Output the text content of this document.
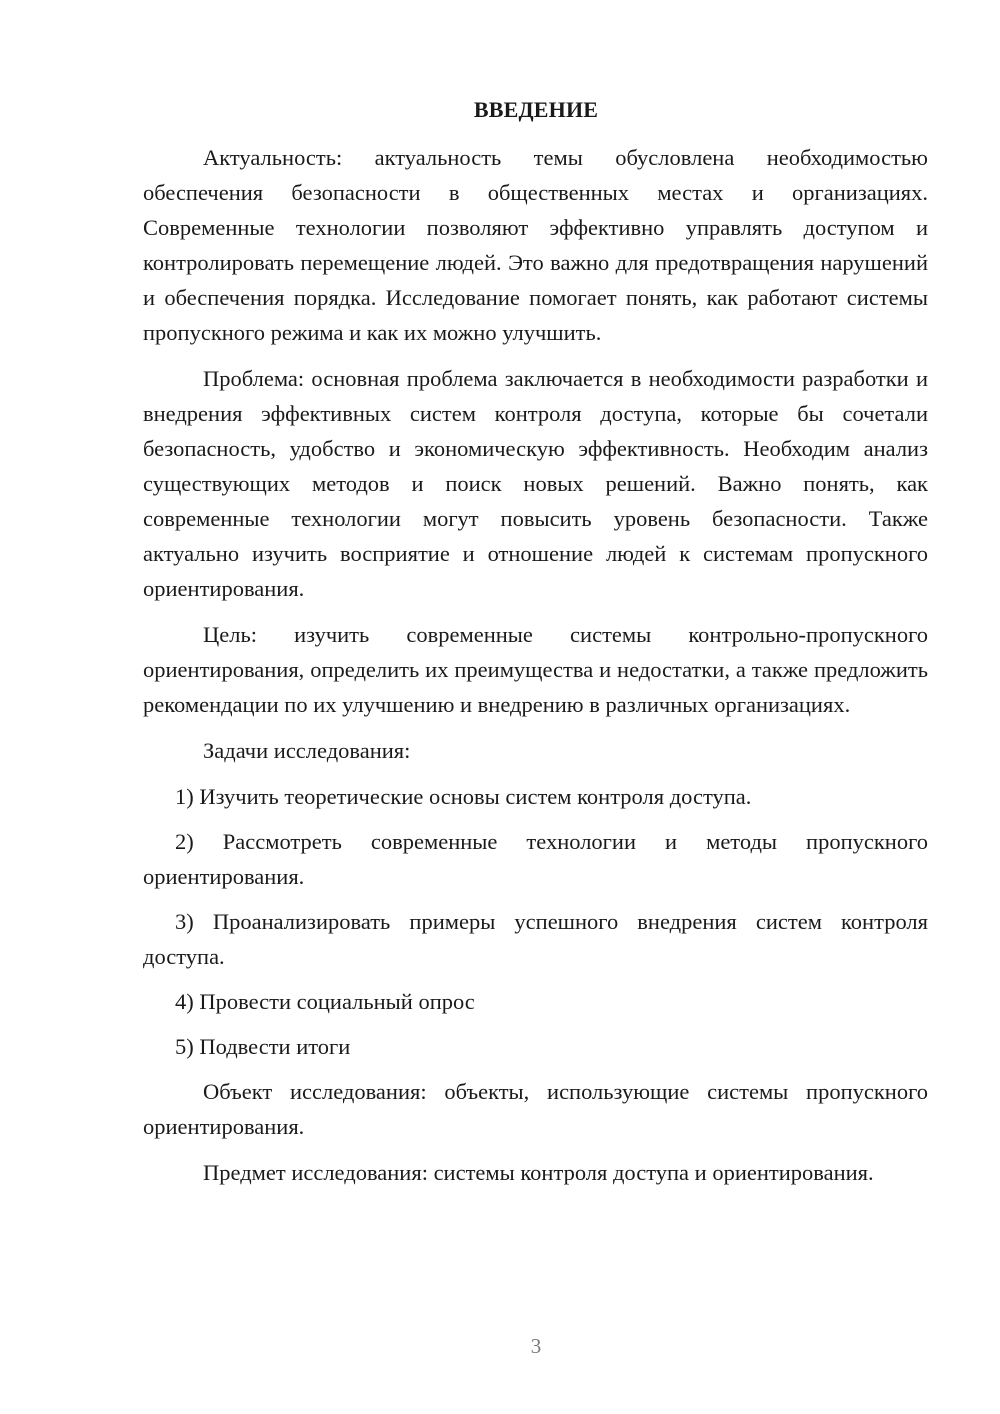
ВВЕДЕНИЕ

Актуальность: актуальность темы обусловлена необходимостью обеспечения безопасности в общественных местах и организациях. Современные технологии позволяют эффективно управлять доступом и контролировать перемещение людей. Это важно для предотвращения нарушений и обеспечения порядка. Исследование помогает понять, как работают системы пропускного режима и как их можно улучшить.

Проблема: основная проблема заключается в необходимости разработки и внедрения эффективных систем контроля доступа, которые бы сочетали безопасность, удобство и экономическую эффективность. Необходим анализ существующих методов и поиск новых решений. Важно понять, как современные технологии могут повысить уровень безопасности. Также актуально изучить восприятие и отношение людей к системам пропускного ориентирования.

Цель: изучить современные системы контрольно-пропускного ориентирования, определить их преимущества и недостатки, а также предложить рекомендации по их улучшению и внедрению в различных организациях.

Задачи исследования:

1) Изучить теоретические основы систем контроля доступа.

2) Рассмотреть современные технологии и методы пропускного ориентирования.

3) Проанализировать примеры успешного внедрения систем контроля доступа.

4) Провести социальный опрос

5) Подвести итоги

Объект исследования: объекты, использующие системы пропускного ориентирования.

Предмет исследования: системы контроля доступа и ориентирования.

3
